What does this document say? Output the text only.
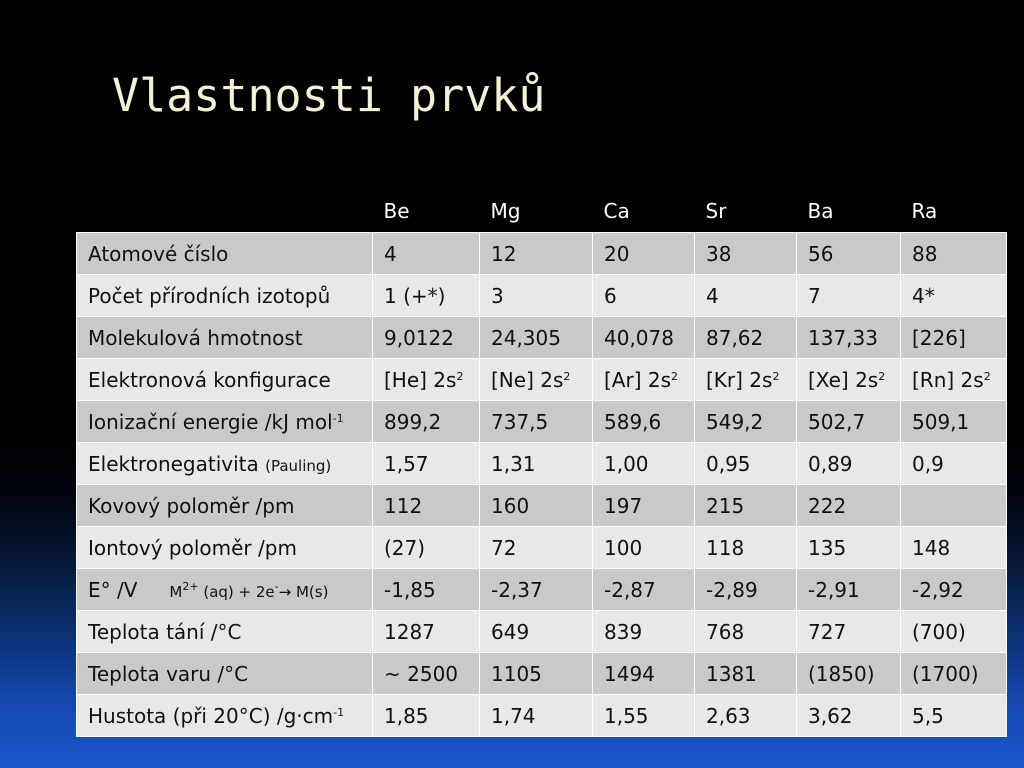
Vlastnosti prvků
	Be	Mg	Ca	Sr	Ba	Ra
Atomové číslo	4	12	20	38	56	88
Počet přírodních izotopů	1 (+*)	3	6	4	7	4*
Molekulová hmotnost	9,0122	24,305	40,078	87,62	137,33	[226]
Elektronová konfigurace	[He] $2s^2$	[Ne] $2s^2$	[Ar] $2s^2$	[Kr] $2s^2$	[Xe] $2s^2$	[Rn] $2s^2$
Ionizační energie /kJ mol$^{-1}$	899,2	737,5	589,6	549,2	502,7	509,1
Elektronegativita (Pauling)	1,57	1,31	1,00	0,95	0,89	0,9
Kovový poloměr /pm	112	160	197	215	222	
Iontový poloměr /pm	(27)	72	100	118	135	148
E° /V $M^{2+}$ (aq) + 2e-→ M(s)	-1,85	-2,37	-2,87	-2,89	-2,91	-2,92
Teplota tání /°C	1287	649	839	768	727	(700)
Teplota varu /°C	~ 2500	1105	1494	1381	(1850)	(1700)
Hustota (při 20°C) $/g\cdot cm^{-1}$	1,85	1,74	1,55	2,63	3,62	5,5
